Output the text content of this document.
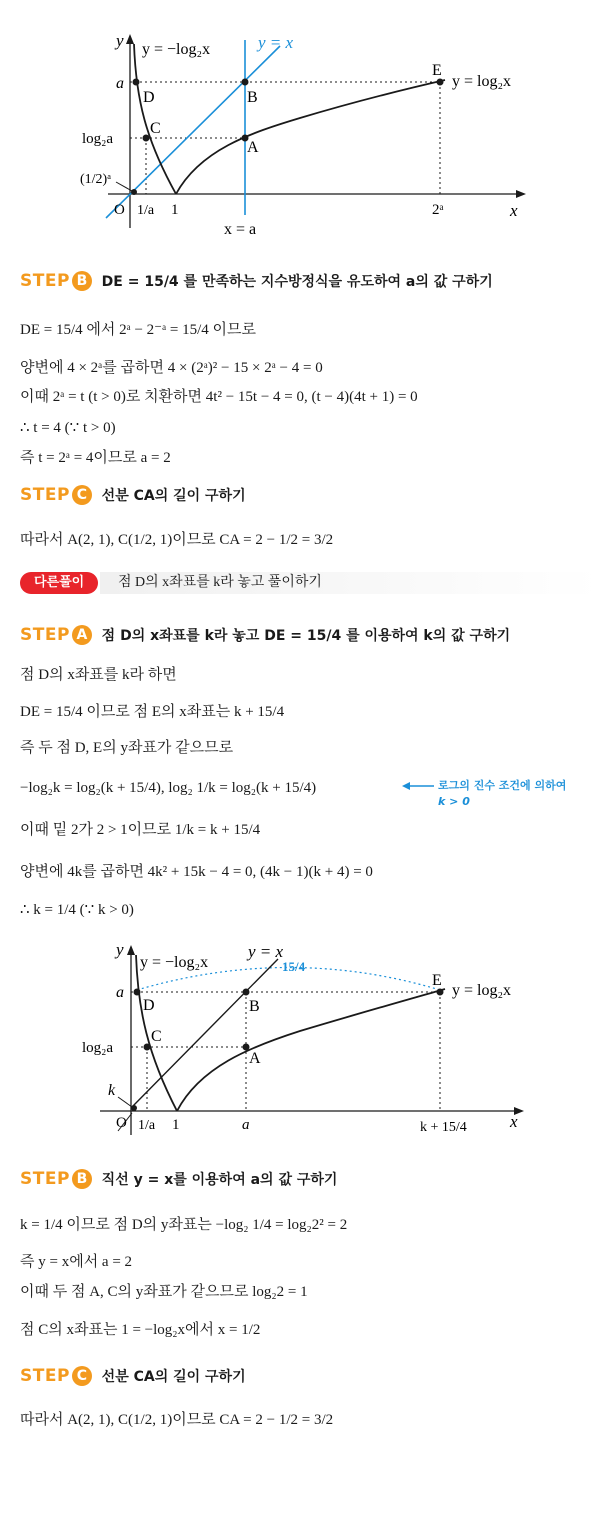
y
x
O
y = −log₂x	y = x
y = log₂x
a
log₂a
(1/2)ᵃ
D	B
E
C
A
1/a 1	2ᵃ
x = a
STEP B DE = 15/4 를 만족하는 지수방정식을 유도하여 a의 값 구하기
DE = 15/4 에서 2ᵃ − 2⁻ᵃ = 15/4 이므로
양변에 4 × 2ᵃ를 곱하면 4 × (2ᵃ)² − 15 × 2ᵃ − 4 = 0
이때 2ᵃ = t (t > 0)로 치환하면 4t² − 15t − 4 = 0, (t − 4)(4t + 1) = 0
∴ t = 4 (∵ t > 0)
즉 t = 2ᵃ = 4이므로 a = 2
STEP C 선분 CA의 길이 구하기
따라서 A(2, 1), C(1/2, 1)이므로 CA = 2 − 1/2 = 3/2
다른풀이	점 D의 x좌표를 k라 놓고 풀이하기
STEP A 점 D의 x좌표를 k라 놓고 DE = 15/4 를 이용하여 k의 값 구하기
점 D의 x좌표를 k라 하면
DE = 15/4 이므로 점 E의 x좌표는 k + 15/4
즉 두 점 D, E의 y좌표가 같으므로
−log₂k = log₂(k + 15/4), log₂ 1/k = log₂(k + 15/4)
이때 밑 2가 2 > 1이므로 1/k = k + 15/4
양변에 4k를 곱하면 4k² + 15k − 4 = 0, (4k − 1)(k + 4) = 0
∴ k = 1/4 (∵ k > 0)
로그의 진수 조건에 의하여
k > 0
y
x
O
y = −log₂x
y = x
15/4
y = log₂x
a
log₂a
k
D	B
E
C
A
1/a 1	a	k + 15/4
STEP B 직선 y = x를 이용하여 a의 값 구하기
k = 1/4 이므로 점 D의 y좌표는 −log₂ 1/4 = log₂2² = 2
즉 y = x에서 a = 2
이때 두 점 A, C의 y좌표가 같으므로 log₂2 = 1
점 C의 x좌표는 1 = −log₂x에서 x = 1/2
STEP C 선분 CA의 길이 구하기
따라서 A(2, 1), C(1/2, 1)이므로 CA = 2 − 1/2 = 3/2
